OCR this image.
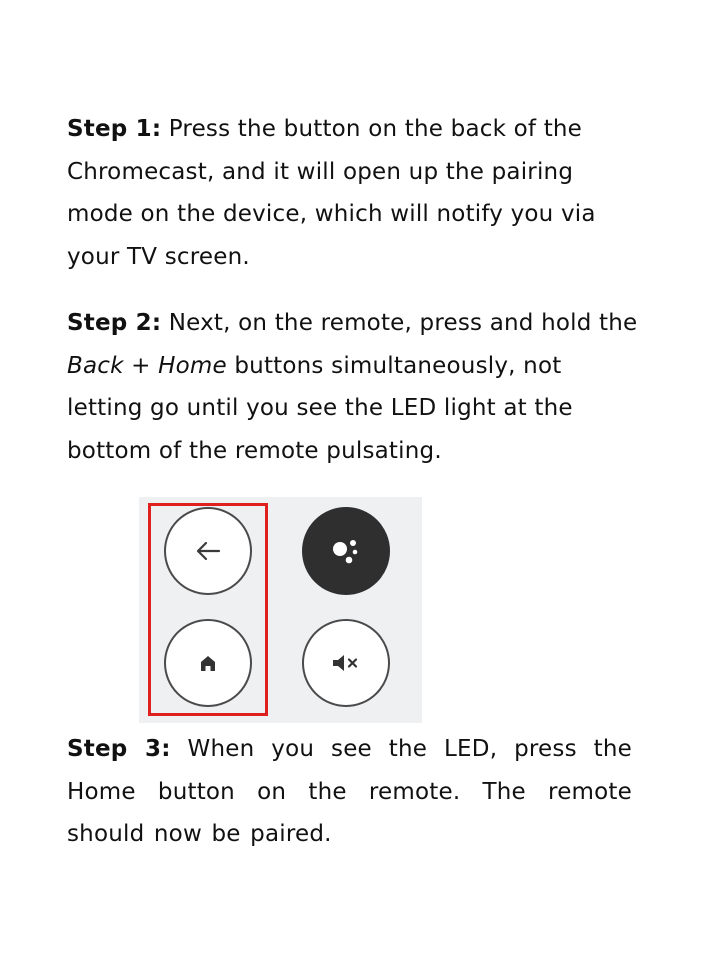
Step 1: Press the button on the back of the Chromecast, and it will open up the pairing mode on the device, which will notify you via your TV screen.

Step 2: Next, on the remote, press and hold the Back + Home buttons simultaneously, not letting go until you see the LED light at the bottom of the remote pulsating.

Step 3: When you see the LED, press the Home button on the remote. The remote should now be paired.
